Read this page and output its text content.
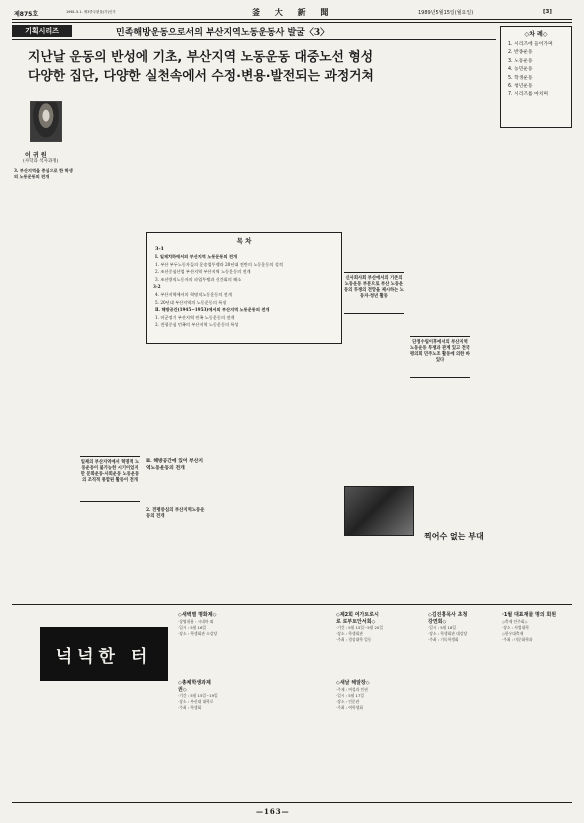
제875호	1961.5.1. 제3종우편물(가)인가	釜 大 新 聞	1989년5월15일(월요일)	[3]
기획시리즈	민족해방운동으로서의 부산지역노동운동사 발굴〈3〉
지난날 운동의 반성에 기초, 부산지역 노동운동 대중노선 형성
다양한 집단, 다양한 실천속에서 수정·변용·발전되는 과정거쳐
◇차 례◇
1. 시리즈에 들어가며
2. 반종운동
3. 노동운동
4. 농민운동
5. 학생운동
6. 청년운동
7. 시리즈를 마치며
이 귀 원
(사학과 석사과정)
3. 부산지역을 중심으로 한 학생의 노동운동의 전개
일제의 부산지역에서 혁명적 노동운동이 불가능한 시기이었지만 문화운동·사회운동 노동운동의 조직적 통합된 활동이 전개
목 차
3-1
Ⅰ. 일제치하에서의 부산지역 노동운동의 전개
1. 부산 부두노동자들의 운송업투쟁과 20년대 전반의 노동운동의 성격
2. 조선중심산업 부산지역 부산지역 노동운동의 전개
3. 조선방직노동자의 파업투쟁과 신간회의 해소
3-2
4. 부산지역에서의 혁명적노동운동의 전개
5. 20년대 부산지역의 노동운동의 특징
Ⅱ. 해방공간(1945~1953)에서의 부산지역 노동운동의 전개
1. 미군정기 부산지역 민족 노동운동의 전개
2. 전평중심 민족의 부산지역 노동운동의 특성
Ⅱ. 해방공간에 있어 부산지역노동운동의 전개
2. 전평중심의 부산지역노동운동의 전개
신사회사회 부산에서의 기존의 노동운동 부분으로 부산 노동운동의 투쟁의 전망을 제시하는 노동자·청년 활동
단정수립이후에서의 부산지역 노동운동 투쟁과 관계 있고 전국평의회 민주노조 활동에 의한 바 있다
찍어수 없는 부대
넉넉한 터
◇새벽별 명화제◇
·상영내용 : 시네마 외
·일시 : 5월 16일
·장소 : 학생회관 소강당
◇제2회 여가토로시
로 로부토안서회◇
·기간 : 5월 15일~5월 20일
·장소 : 학생회관
·주최 : 경상대학 일동
◇김진홍목사 초청
강연회◇
·일시 : 5월 18일
·장소 : 학생회관 대강당
·주최 : 기독학생회
·1월 대표재물 명의 회원
◇축제 안주회◇
·장소 : 사법대학
◇한우대축제
·주최 : 미문화학과
◇총체학생과제
권◇
·기간 : 5월 15일~19일
·장소 : 부산대 대학로
·주최 : 학생회
◇새날 해알장◇
·주제 : 여성과 인권
·일시 : 5월 17일
·장소 : 인문관
·주최 : 여학생회
—163—
